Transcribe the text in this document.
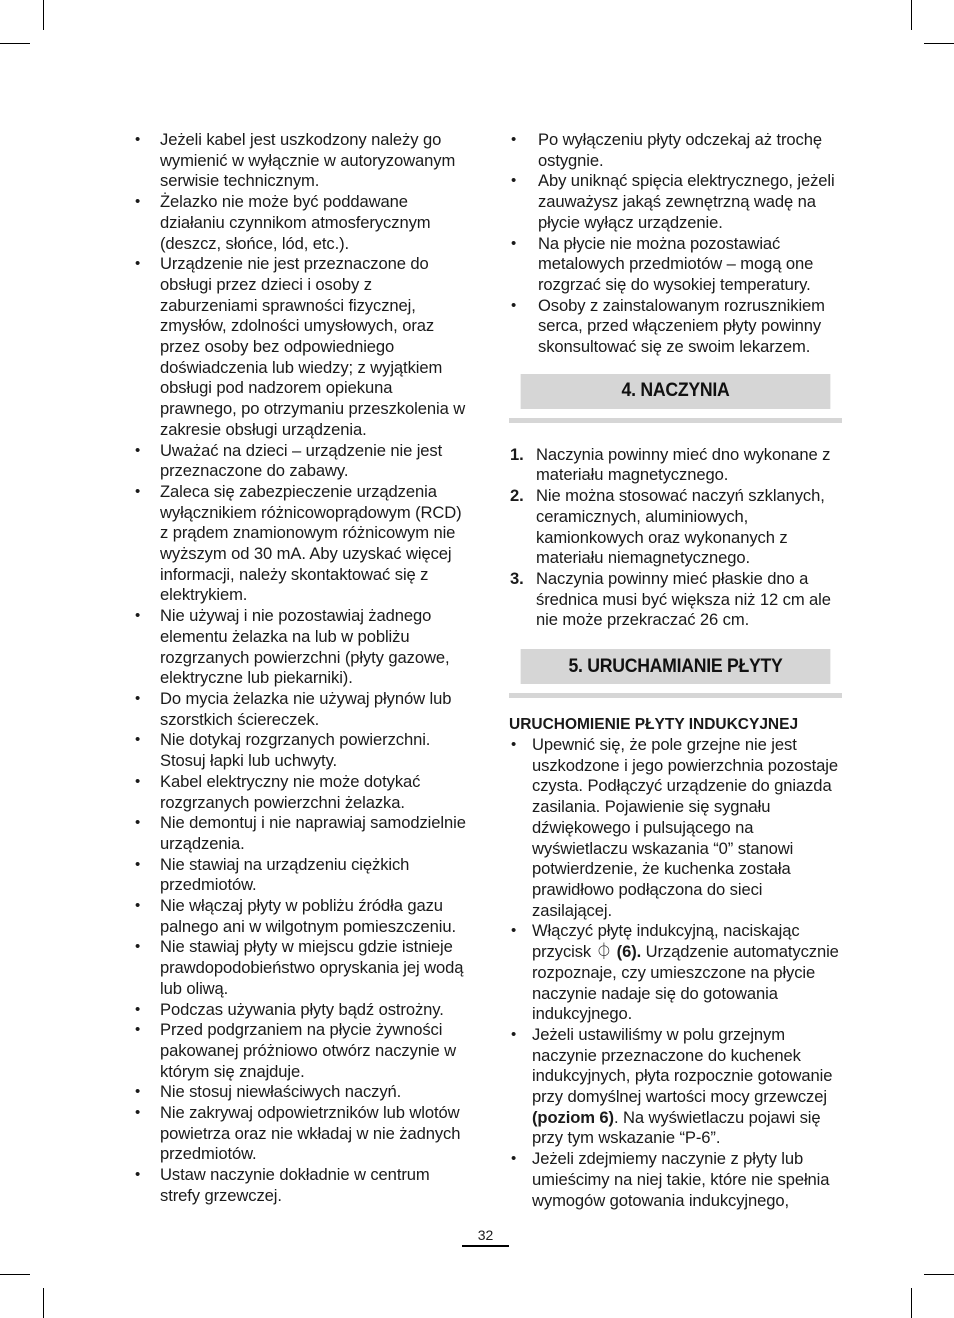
• Jeżeli kabel jest uszkodzony należy go wymienić w wyłącznie w autoryzowanym serwisie technicznym.
• Żelazko nie może być poddawane działaniu czynnikom atmosferycznym (deszcz, słońce, lód, etc.).
• Urządzenie nie jest przeznaczone do obsługi przez dzieci i osoby z zaburzeniami sprawności fizycznej, zmysłów, zdolności umysłowych, oraz przez osoby bez odpowiedniego doświadczenia lub wiedzy; z wyjątkiem obsługi pod nadzorem opiekuna prawnego, po otrzymaniu przeszkolenia w zakresie obsługi urządzenia.
• Uważać na dzieci – urządzenie nie jest przeznaczone do zabawy.
• Zaleca się zabezpieczenie urządzenia wyłącznikiem różnicowoprądowym (RCD) z prądem znamionowym różnicowym nie wyższym od 30 mA. Aby uzyskać więcej informacji, należy skontaktować się z elektrykiem.
• Nie używaj i nie pozostawiaj żadnego elementu żelazka na lub w pobliżu rozgrzanych powierzchni (płyty gazowe, elektryczne lub piekarniki).
• Do mycia żelazka nie używaj płynów lub szorstkich ściereczek.
• Nie dotykaj rozgrzanych powierzchni. Stosuj łapki lub uchwyty.
• Kabel elektryczny nie może dotykać rozgrzanych powierzchni żelazka.
• Nie demontuj i nie naprawiaj samodzielnie urządzenia.
• Nie stawiaj na urządzeniu ciężkich przedmiotów.
• Nie włączaj płyty w pobliżu źródła gazu palnego ani w wilgotnym pomieszczeniu.
• Nie stawiaj płyty w miejscu gdzie istnieje prawdopodobieństwo opryskania jej wodą lub oliwą.
• Podczas używania płyty bądź ostrożny.
• Przed podgrzaniem na płycie żywności pakowanej próżniowo otwórz naczynie w którym się znajduje.
• Nie stosuj niewłaściwych naczyń.
• Nie zakrywaj odpowietrzników lub wlotów powietrza oraz nie wkładaj w nie żadnych przedmiotów.
• Ustaw naczynie dokładnie w centrum strefy grzewczej.
• Po wyłączeniu płyty odczekaj aż trochę ostygnie.
• Aby uniknąć spięcia elektrycznego, jeżeli zauważysz jakąś zewnętrzną wadę na płycie wyłącz urządzenie.
• Na płycie nie można pozostawiać metalowych przedmiotów – mogą one rozgrzać się do wysokiej temperatury.
• Osoby z zainstalowanym rozrusznikiem serca, przed włączeniem płyty powinny skonsultować się ze swoim lekarzem.
4. NACZYNIA
1. Naczynia powinny mieć dno wykonane z materiału magnetycznego.
2. Nie można stosować naczyń szklanych, ceramicznych, aluminiowych, kamionkowych oraz wykonanych z materiału niemagnetycznego.
3. Naczynia powinny mieć płaskie dno a średnica musi być większa niż 12 cm ale nie może przekraczać 26 cm.
5. URUCHAMIANIE PŁYTY
URUCHOMIENIE PŁYTY INDUKCYJNEJ
• Upewnić się, że pole grzejne nie jest uszkodzone i jego powierzchnia pozostaje czysta. Podłączyć urządzenie do gniazda zasilania. Pojawienie się sygnału dźwiękowego i pulsującego na wyświetlaczu wskazania “0” stanowi potwierdzenie, że kuchenka została prawidłowo podłączona do sieci zasilającej.
• Włączyć płytę indukcyjną, naciskając przycisk ⏀ (6). Urządzenie automatycznie rozpoznaje, czy umieszczone na płycie naczynie nadaje się do gotowania indukcyjnego.
• Jeżeli ustawiliśmy w polu grzejnym naczynie przeznaczone do kuchenek indukcyjnych, płyta rozpocznie gotowanie przy domyślnej wartości mocy grzewczej (poziom 6). Na wyświetlaczu pojawi się przy tym wskazanie “P-6”.
• Jeżeli zdejmiemy naczynie z płyty lub umieścimy na niej takie, które nie spełnia wymogów gotowania indukcyjnego,
32
